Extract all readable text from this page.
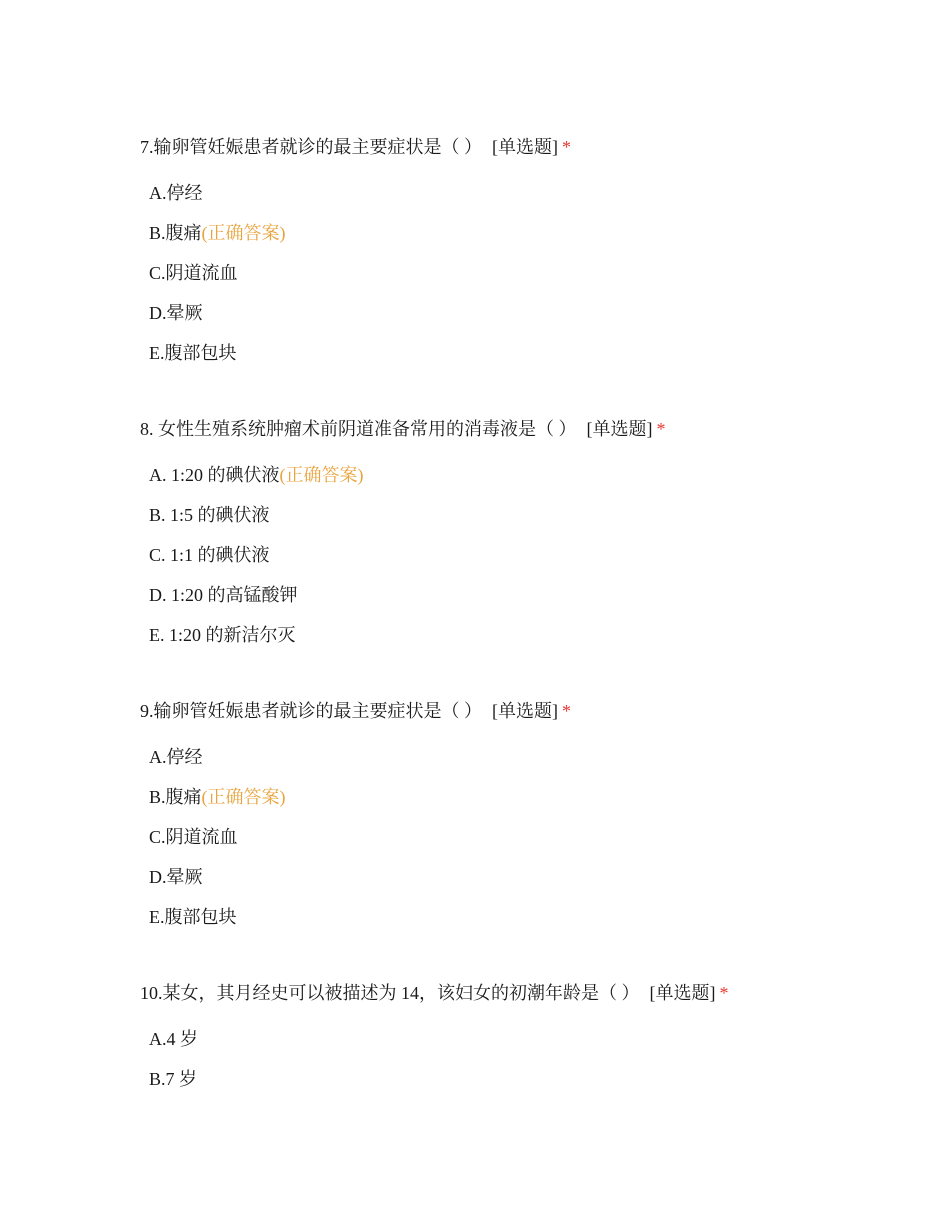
7.输卵管妊娠患者就诊的最主要症状是（ ） [单选题] *
A.停经
B.腹痛(正确答案)
C.阴道流血
D.晕厥
E.腹部包块
8. 女性生殖系统肿瘤术前阴道准备常用的消毒液是（ ） [单选题] *
A. 1:20 的碘伏液(正确答案)
B. 1:5 的碘伏液
C. 1:1 的碘伏液
D. 1:20 的高锰酸钾
E. 1:20 的新洁尔灭
9.输卵管妊娠患者就诊的最主要症状是（ ） [单选题] *
A.停经
B.腹痛(正确答案)
C.阴道流血
D.晕厥
E.腹部包块
10.某女，其月经史可以被描述为 14，该妇女的初潮年龄是（ ） [单选题] *
A.4 岁
B.7 岁
